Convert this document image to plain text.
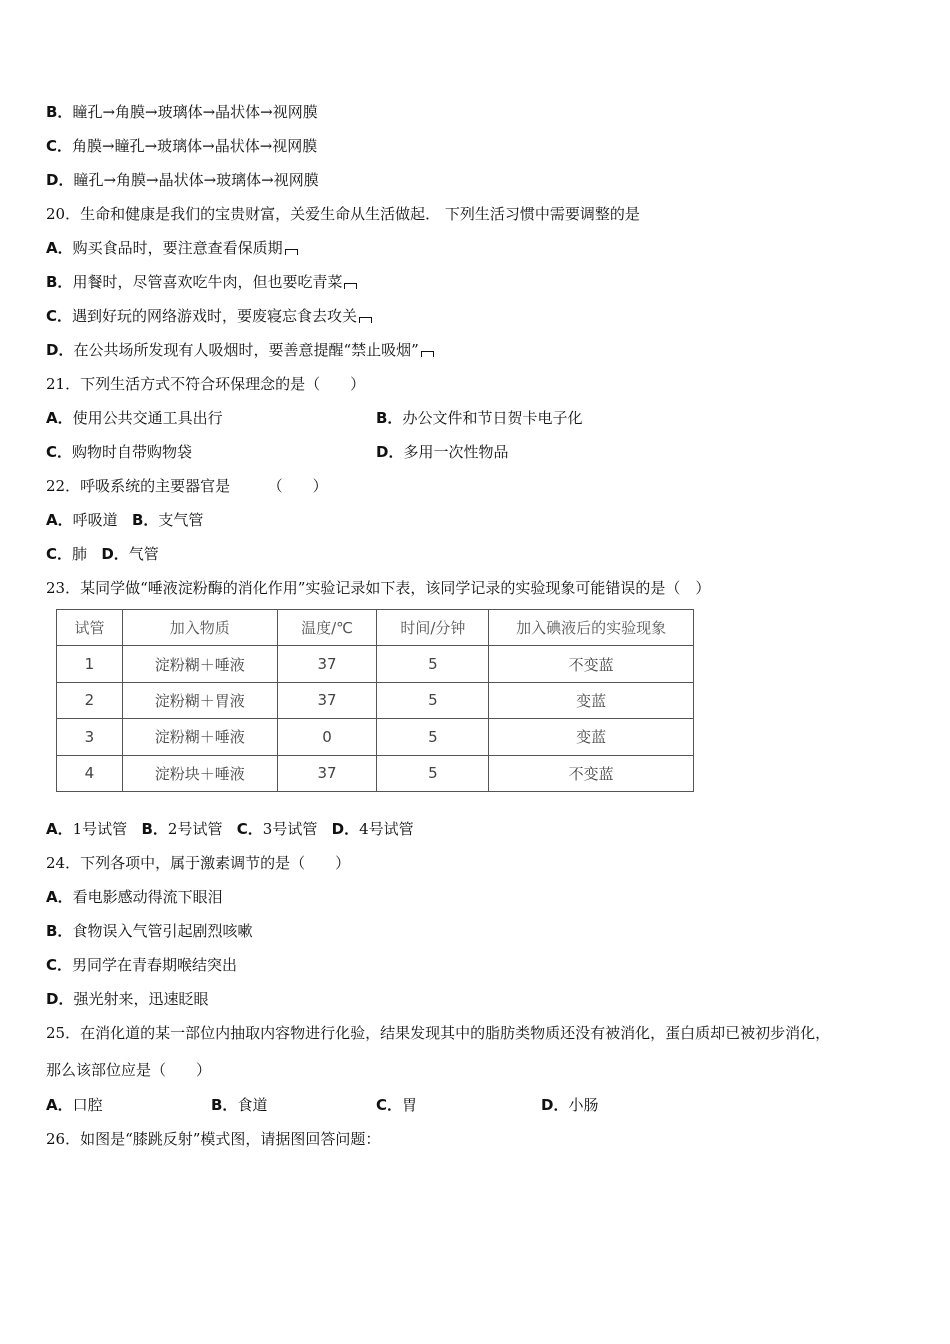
B．瞳孔→角膜→玻璃体→晶状体→视网膜
C．角膜→瞳孔→玻璃体→晶状体→视网膜
D．瞳孔→角膜→晶状体→玻璃体→视网膜
20．生命和健康是我们的宝贵财富，关爱生命从生活做起． 下列生活习惯中需要调整的是
A．购买食品时，要注意查看保质期
B．用餐时，尽管喜欢吃牛肉，但也要吃青菜
C．遇到好玩的网络游戏时，要废寝忘食去攻关
D．在公共场所发现有人吸烟时，要善意提醒“禁止吸烟”
21．下列生活方式不符合环保理念的是（　　）
A．使用公共交通工具出行	B．办公文件和节日贺卡电子化
C．购物时自带购物袋	D．多用一次性物品
22．呼吸系统的主要器官是　　　（　　）
A．呼吸道 B．支气管
C．肺 D．气管
23．某同学做“唾液淀粉酶的消化作用”实验记录如下表，该同学记录的实验现象可能错误的是（　）
试管	加入物质	温度/℃	时间/分钟	加入碘液后的实验现象
1	淀粉糊＋唾液	37	5	不变蓝
2	淀粉糊＋胃液	37	5	变蓝
3	淀粉糊＋唾液	0	5	变蓝
4	淀粉块＋唾液	37	5	不变蓝
A．1号试管 B．2号试管 C．3号试管 D．4号试管
24．下列各项中，属于激素调节的是（　　）
A．看电影感动得流下眼泪
B．食物误入气管引起剧烈咳嗽
C．男同学在青春期喉结突出
D．强光射来，迅速眨眼
25．在消化道的某一部位内抽取内容物进行化验，结果发现其中的脂肪类物质还没有被消化，蛋白质却已被初步消化，
那么该部位应是（　　）
A．口腔	B．食道	C．胃	D．小肠
26．如图是“膝跳反射”模式图，请据图回答问题：
